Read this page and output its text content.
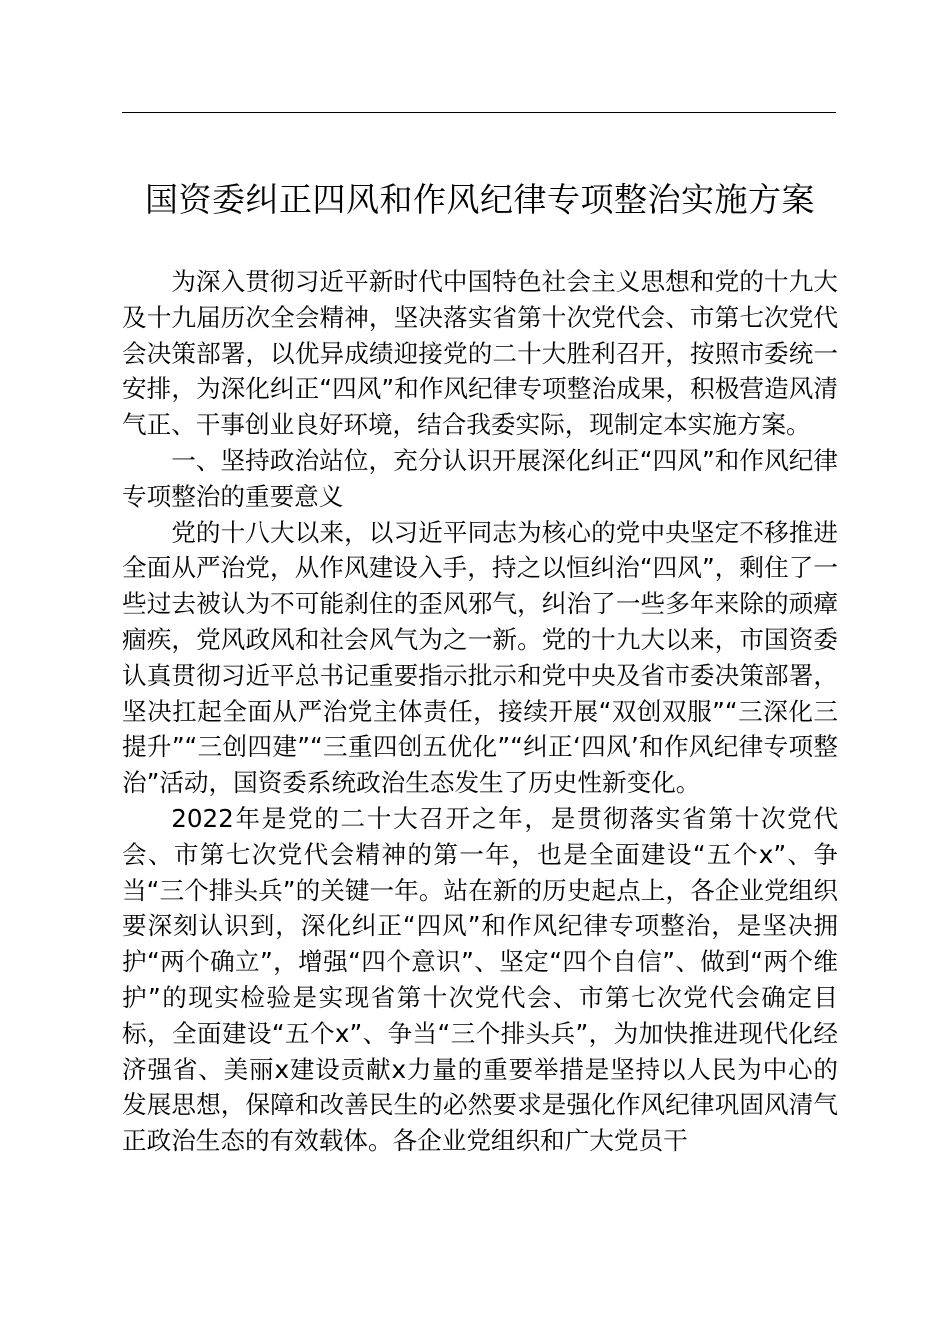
国资委纠正四风和作风纪律专项整治实施方案

为深入贯彻习近平新时代中国特色社会主义思想和党的十九大及十九届历次全会精神，坚决落实省第十次党代会、市第七次党代会决策部署，以优异成绩迎接党的二十大胜利召开，按照市委统一安排，为深化纠正“四风”和作风纪律专项整治成果，积极营造风清气正、干事创业良好环境，结合我委实际，现制定本实施方案。

一、坚持政治站位，充分认识开展深化纠正“四风”和作风纪律专项整治的重要意义

党的十八大以来，以习近平同志为核心的党中央坚定不移推进全面从严治党，从作风建设入手，持之以恒纠治“四风”，剩住了一些过去被认为不可能刹住的歪风邪气，纠治了一些多年来除的顽瘴痼疾，党风政风和社会风气为之一新。党的十九大以来，市国资委认真贯彻习近平总书记重要指示批示和党中央及省市委决策部署，坚决扛起全面从严治党主体责任，接续开展“双创双服”“三深化三提升”“三创四建”“三重四创五优化”“纠正‘四风’和作风纪律专项整治”活动，国资委系统政治生态发生了历史性新变化。

2022年是党的二十大召开之年，是贯彻落实省第十次党代会、市第七次党代会精神的第一年，也是全面建设“五个x”、争当“三个排头兵”的关键一年。站在新的历史起点上，各企业党组织要深刻认识到，深化纠正“四风”和作风纪律专项整治，是坚决拥护“两个确立”，增强“四个意识”、坚定“四个自信”、做到“两个维护”的现实检验是实现省第十次党代会、市第七次党代会确定目标，全面建设“五个x”、争当“三个排头兵”，为加快推进现代化经济强省、美丽x建设贡献x力量的重要举措是坚持以人民为中心的发展思想，保障和改善民生的必然要求是强化作风纪律巩固风清气正政治生态的有效载体。各企业党组织和广大党员干
